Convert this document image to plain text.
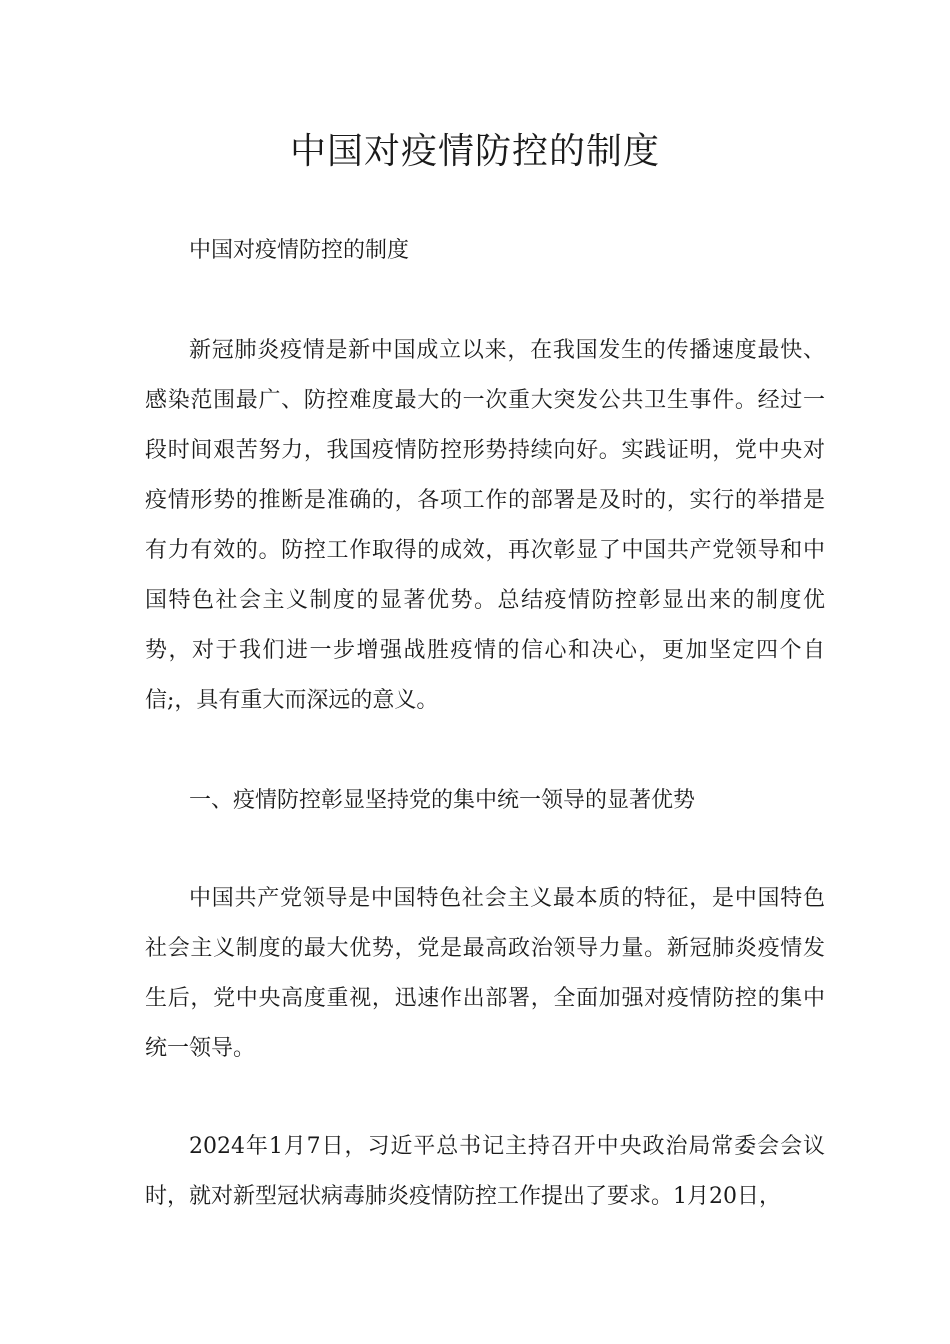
中国对疫情防控的制度

中国对疫情防控的制度

新冠肺炎疫情是新中国成立以来，在我国发生的传播速度最快、感染范围最广、防控难度最大的一次重大突发公共卫生事件。经过一段时间艰苦努力，我国疫情防控形势持续向好。实践证明，党中央对疫情形势的推断是准确的，各项工作的部署是及时的，实行的举措是有力有效的。防控工作取得的成效，再次彰显了中国共产党领导和中国特色社会主义制度的显著优势。总结疫情防控彰显出来的制度优势，对于我们进一步增强战胜疫情的信心和决心，更加坚定四个自信;，具有重大而深远的意义。

一、疫情防控彰显坚持党的集中统一领导的显著优势

中国共产党领导是中国特色社会主义最本质的特征，是中国特色社会主义制度的最大优势，党是最高政治领导力量。新冠肺炎疫情发生后，党中央高度重视，迅速作出部署，全面加强对疫情防控的集中统一领导。

2024年1月7日，习近平总书记主持召开中央政治局常委会会议时，就对新型冠状病毒肺炎疫情防控工作提出了要求。1月20日，
